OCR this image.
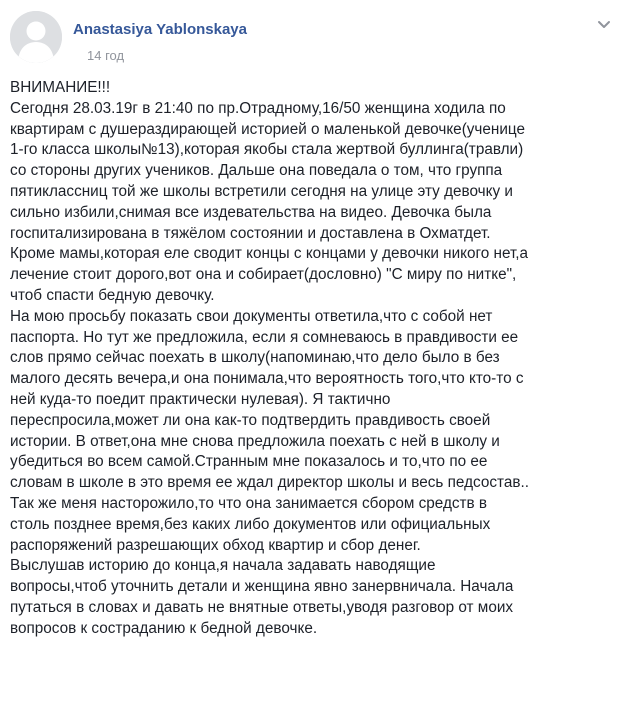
Anastasiya Yablonskaya
14 год
ВНИМАНИЕ!!!
Сегодня 28.03.19г в 21:40 по пр.Отрадному,16/50 женщина ходила по
квартирам с душераздирающей историей о маленькой девочке(ученице
1-го класса школы№13),которая якобы стала жертвой буллинга(травли)
со стороны других учеников. Дальше она поведала о том, что группа
пятиклассниц той же школы встретили сегодня на улице эту девочку и
сильно избили,снимая все издевательства на видео. Девочка была
госпитализирована в тяжёлом состоянии и доставлена в Охматдет.
Кроме мамы,которая еле сводит концы с концами у девочки никого нет,а
лечение стоит дорого,вот она и собирает(дословно) "С миру по нитке",
чтоб спасти бедную девочку.
На мою просьбу показать свои документы ответила,что с собой нет
паспорта. Но тут же предложила, если я сомневаюсь в правдивости ее
слов прямо сейчас поехать в школу(напоминаю,что дело было в без
малого десять вечера,и она понимала,что вероятность того,что кто-то с
ней куда-то поедит практически нулевая). Я тактично
переспросила,может ли она как-то подтвердить правдивость своей
истории. В ответ,она мне снова предложила поехать с ней в школу и
убедиться во всем самой.Странным мне показалось и то,что по ее
словам в школе в это время ее ждал директор школы и весь педсостав..
Так же меня насторожило,то что она занимается сбором средств в
столь позднее время,без каких либо документов или официальных
распоряжений разрешающих обход квартир и сбор денег.
Выслушав историю до конца,я начала задавать наводящие
вопросы,чтоб уточнить детали и женщина явно занервничала. Начала
путаться в словах и давать не внятные ответы,уводя разговор от моих
вопросов к состраданию к бедной девочке.
